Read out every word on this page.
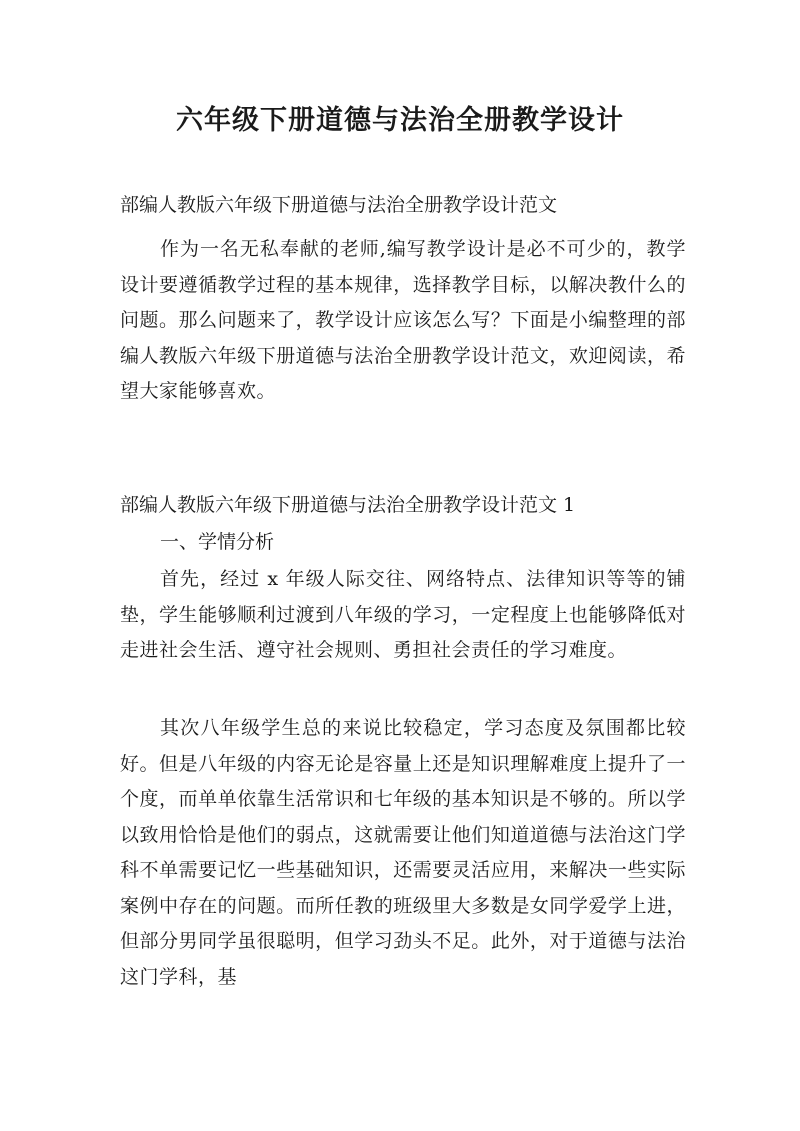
六年级下册道德与法治全册教学设计

部编人教版六年级下册道德与法治全册教学设计范文

作为一名无私奉献的老师,编写教学设计是必不可少的，教学设计要遵循教学过程的基本规律，选择教学目标，以解决教什么的问题。那么问题来了，教学设计应该怎么写？下面是小编整理的部编人教版六年级下册道德与法治全册教学设计范文，欢迎阅读，希望大家能够喜欢。

部编人教版六年级下册道德与法治全册教学设计范文 1

一、学情分析

首先，经过 x 年级人际交往、网络特点、法律知识等等的铺垫，学生能够顺利过渡到八年级的学习，一定程度上也能够降低对走进社会生活、遵守社会规则、勇担社会责任的学习难度。

其次八年级学生总的来说比较稳定，学习态度及氛围都比较好。但是八年级的内容无论是容量上还是知识理解难度上提升了一个度，而单单依靠生活常识和七年级的基本知识是不够的。所以学以致用恰恰是他们的弱点，这就需要让他们知道道德与法治这门学科不单需要记忆一些基础知识，还需要灵活应用，来解决一些实际案例中存在的问题。而所任教的班级里大多数是女同学爱学上进，但部分男同学虽很聪明，但学习劲头不足。此外，对于道德与法治这门学科，基
